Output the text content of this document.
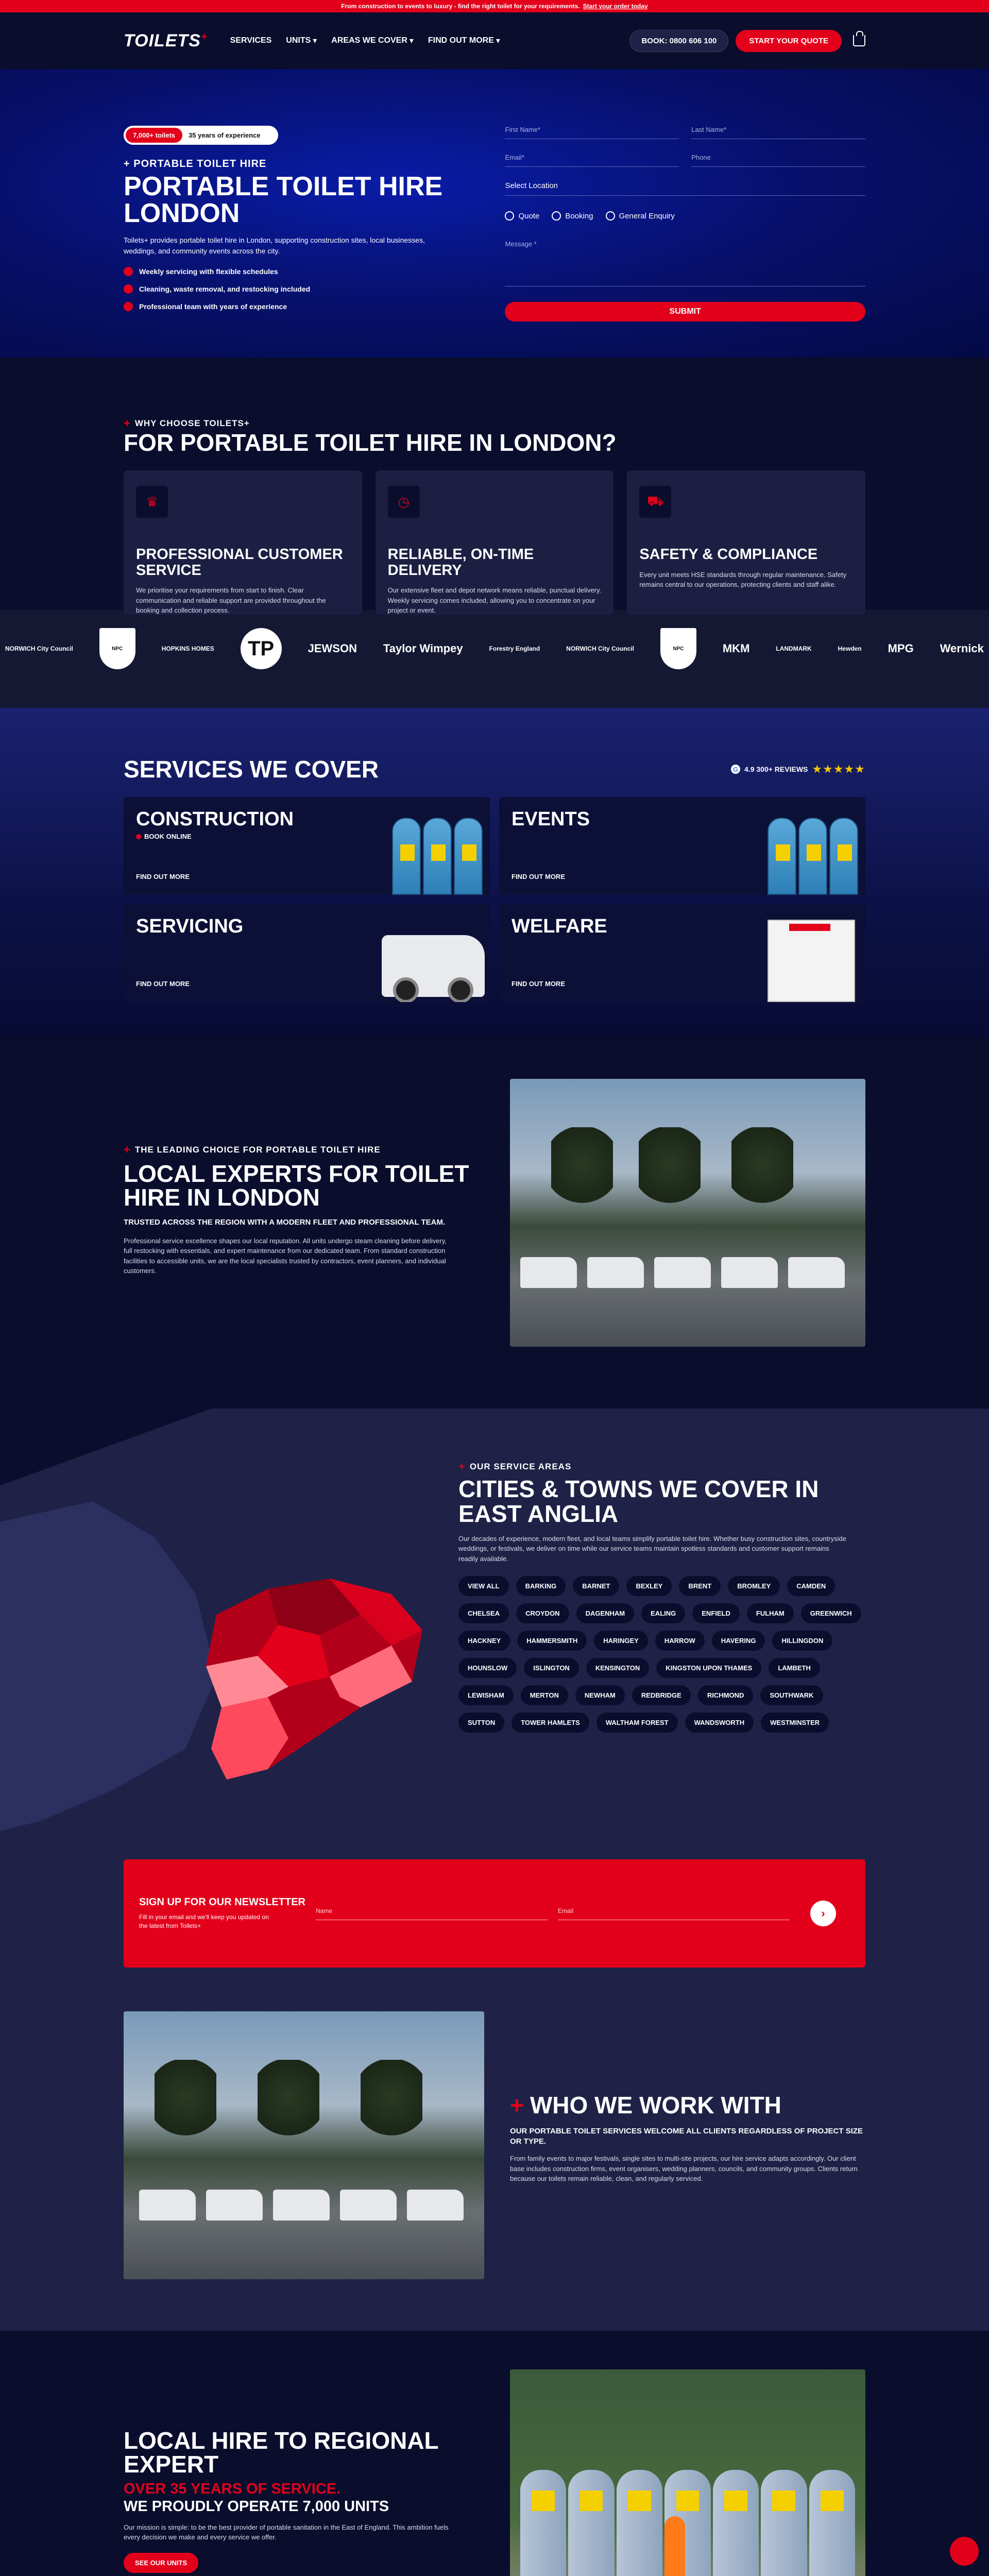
From construction to events to luxury - find the right toilet for your requirements. Start your order today
TOILETS+	SERVICES UNITS ▾ AREAS WE COVER ▾ FIND OUT MORE ▾	BOOK: 0800 606 100	START YOUR QUOTE
7,000+ toilets	35 years of experience
+ PORTABLE TOILET HIRE
PORTABLE TOILET HIRE LONDON

Toilets+ provides portable toilet hire in London, supporting construction sites, local businesses, weddings, and community events across the city.

Weekly servicing with flexible schedules
Cleaning, waste removal, and restocking included
Professional team with years of experience
First Name*	Last Name*
Email*	Phone
Select Location
Quote	Booking	General Enquiry
Message *
SUBMIT
+ WHY CHOOSE TOILETS+
FOR PORTABLE TOILET HIRE IN LONDON?
♛
PROFESSIONAL CUSTOMER SERVICE

We prioritise your requirements from start to finish. Clear communication and reliable support are provided throughout the booking and collection process.

◷
RELIABLE, ON-TIME DELIVERY

Our extensive fleet and depot network means reliable, punctual delivery. Weekly servicing comes included, allowing you to concentrate on your project or event.

⛟
SAFETY & COMPLIANCE

Every unit meets HSE standards through regular maintenance. Safety remains central to our operations, protecting clients and staff alike.

NORWICH City Council	NPC	HOPKINS HOMES	TP	JEWSON Taylor Wimpey	Forestry England	NORWICH City Council	NPC	MKM	LANDMARK	Hewden MPG Wernick
SERVICES WE COVER	G 4.9 300+ REVIEWS ★★★★★
CONSTRUCTION
BOOK ONLINE
FIND OUT MORE
EVENTS
FIND OUT MORE
SERVICING
FIND OUT MORE
WELFARE
FIND OUT MORE
+ THE LEADING CHOICE FOR PORTABLE TOILET HIRE
LOCAL EXPERTS FOR TOILET HIRE IN LONDON
TRUSTED ACROSS THE REGION WITH A MODERN FLEET AND PROFESSIONAL TEAM.

Professional service excellence shapes our local reputation. All units undergo steam cleaning before delivery, full restocking with essentials, and expert maintenance from our dedicated team. From standard construction facilities to accessible units, we are the local specialists trusted by contractors, event planners, and individual customers.

+ OUR SERVICE AREAS
CITIES & TOWNS WE COVER IN EAST ANGLIA

Our decades of experience, modern fleet, and local teams simplify portable toilet hire. Whether busy construction sites, countryside weddings, or festivals, we deliver on time while our service teams maintain spotless standards and customer support remains readily available.

VIEW ALL	BARKING	BARNET	BEXLEY	BRENT	BROMLEY	CAMDEN
CHELSEA	CROYDON	DAGENHAM	EALING	ENFIELD	FULHAM	GREENWICH
HACKNEY	HAMMERSMITH	HARINGEY	HARROW	HAVERING	HILLINGDON
HOUNSLOW	ISLINGTON	KENSINGTON	KINGSTON UPON THAMES	LAMBETH
LEWISHAM	MERTON	NEWHAM	REDBRIDGE	RICHMOND	SOUTHWARK
SUTTON	TOWER HAMLETS	WALTHAM FOREST	WANDSWORTH	WESTMINSTER
SIGN UP FOR OUR NEWSLETTER

Fill in your email and we'll keep you updated on the latest from Toilets+

Name	Email	›
+ WHO WE WORK WITH
OUR PORTABLE TOILET SERVICES WELCOME ALL CLIENTS REGARDLESS OF PROJECT SIZE OR TYPE.

From family events to major festivals, single sites to multi-site projects, our hire service adapts accordingly. Our client base includes construction firms, event organisers, wedding planners, councils, and community groups. Clients return because our toilets remain reliable, clean, and regularly serviced.

LOCAL HIRE TO REGIONAL EXPERT
OVER 35 YEARS OF SERVICE.
WE PROUDLY OPERATE 7,000 UNITS

Our mission is simple: to be the best provider of portable sanitation in the East of England. This ambition fuels every decision we make and every service we offer.

SEE OUR UNITS
